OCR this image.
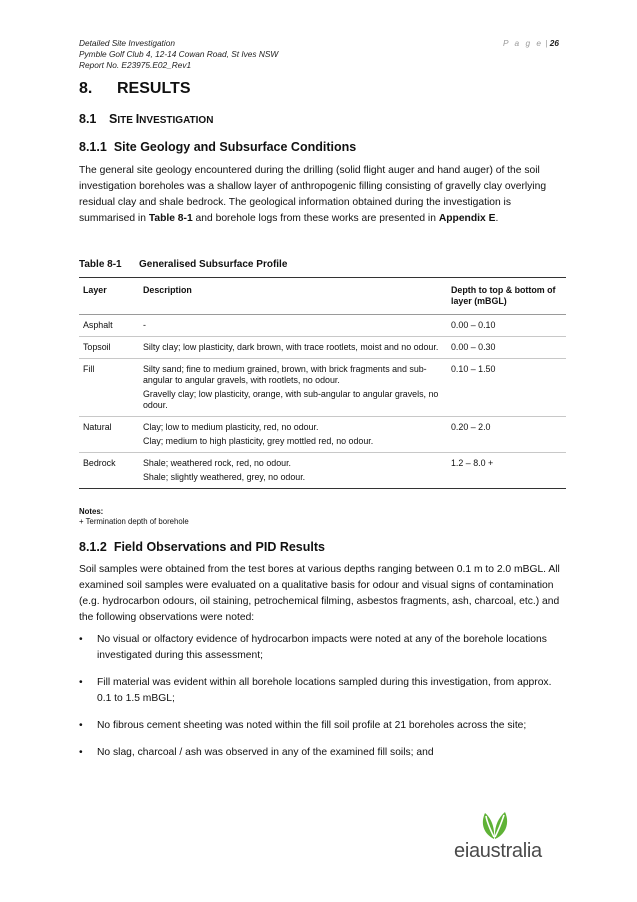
Detailed Site Investigation
Pymble Golf Club 4, 12-14 Cowan Road, St Ives NSW
Report No. E23975.E02_Rev1
P a g e | 26
8. RESULTS
8.1 SITE INVESTIGATION
8.1.1 Site Geology and Subsurface Conditions
The general site geology encountered during the drilling (solid flight auger and hand auger) of the soil investigation boreholes was a shallow layer of anthropogenic filling consisting of gravelly clay overlying residual clay and shale bedrock. The geological information obtained during the investigation is summarised in Table 8-1 and borehole logs from these works are presented in Appendix E.
Table 8-1 Generalised Subsurface Profile
Layer	Description	Depth to top & bottom of layer (mBGL)
Asphalt	-	0.00 – 0.10
Topsoil	Silty clay; low plasticity, dark brown, with trace rootlets, moist and no odour.	0.00 – 0.30
Fill	Silty sand; fine to medium grained, brown, with brick fragments and sub-angular to angular gravels, with rootlets, no odour.
Gravelly clay; low plasticity, orange, with sub-angular to angular gravels, no odour.	0.10 – 1.50
Natural	Clay; low to medium plasticity, red, no odour.
Clay; medium to high plasticity, grey mottled red, no odour.	0.20 – 2.0
Bedrock	Shale; weathered rock, red, no odour.
Shale; slightly weathered, grey, no odour.	1.2 – 8.0 +
Notes:
+ Termination depth of borehole
8.1.2 Field Observations and PID Results
Soil samples were obtained from the test bores at various depths ranging between 0.1 m to 2.0 mBGL. All examined soil samples were evaluated on a qualitative basis for odour and visual signs of contamination (e.g. hydrocarbon odours, oil staining, petrochemical filming, asbestos fragments, ash, charcoal, etc.) and the following observations were noted:
• No visual or olfactory evidence of hydrocarbon impacts were noted at any of the borehole locations investigated during this assessment;
• Fill material was evident within all borehole locations sampled during this investigation, from approx. 0.1 to 1.5 mBGL;
• No fibrous cement sheeting was noted within the fill soil profile at 21 boreholes across the site;
• No slag, charcoal / ash was observed in any of the examined fill soils; and
eiaustralia
